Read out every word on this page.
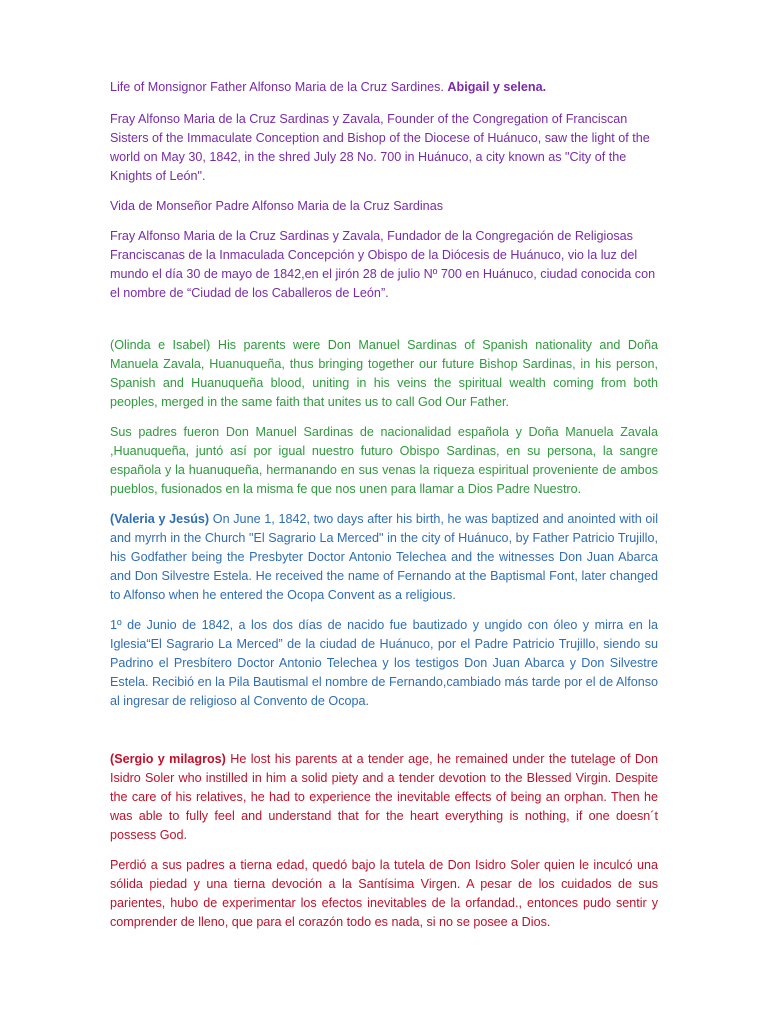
Life of Monsignor Father Alfonso Maria de la Cruz Sardines. Abigail y selena.

Fray Alfonso Maria de la Cruz Sardinas y Zavala, Founder of the Congregation of Franciscan Sisters of the Immaculate Conception and Bishop of the Diocese of Huánuco, saw the light of the world on May 30, 1842, in the shred July 28 No. 700 in Huánuco, a city known as "City of the Knights of León".

Vida de Monseñor Padre Alfonso Maria de la Cruz Sardinas

Fray Alfonso Maria de la Cruz Sardinas y Zavala, Fundador de la Congregación de Religiosas Franciscanas de la Inmaculada Concepción y Obispo de la Diócesis de Huánuco, vio la luz del mundo el día 30 de mayo de 1842,en el jirón 28 de julio Nº 700 en Huánuco, ciudad conocida con el nombre de “Ciudad de los Caballeros de León”.

(Olinda e Isabel) His parents were Don Manuel Sardinas of Spanish nationality and Doña Manuela Zavala, Huanuqueña, thus bringing together our future Bishop Sardinas, in his person, Spanish and Huanuqueña blood, uniting in his veins the spiritual wealth coming from both peoples, merged in the same faith that unites us to call God Our Father.

Sus padres fueron Don Manuel Sardinas de nacionalidad española y Doña Manuela Zavala ,Huanuqueña, juntó así por igual nuestro futuro Obispo Sardinas, en su persona, la sangre española y la huanuqueña, hermanando en sus venas la riqueza espiritual proveniente de ambos pueblos, fusionados en la misma fe que nos unen para llamar a Dios Padre Nuestro.

(Valeria y Jesús) On June 1, 1842, two days after his birth, he was baptized and anointed with oil and myrrh in the Church "El Sagrario La Merced" in the city of Huánuco, by Father Patricio Trujillo, his Godfather being the Presbyter Doctor Antonio Telechea and the witnesses Don Juan Abarca and Don Silvestre Estela. He received the name of Fernando at the Baptismal Font, later changed to Alfonso when he entered the Ocopa Convent as a religious.

1º de Junio de 1842, a los dos días de nacido fue bautizado y ungido con óleo y mirra en la Iglesia“El Sagrario La Merced” de la ciudad de Huánuco, por el Padre Patricio Trujillo, siendo su Padrino el Presbítero Doctor Antonio Telechea y los testigos Don Juan Abarca y Don Silvestre Estela. Recibió en la Pila Bautismal el nombre de Fernando,cambiado más tarde por el de Alfonso al ingresar de religioso al Convento de Ocopa.

(Sergio y milagros) He lost his parents at a tender age, he remained under the tutelage of Don Isidro Soler who instilled in him a solid piety and a tender devotion to the Blessed Virgin. Despite the care of his relatives, he had to experience the inevitable effects of being an orphan. Then he was able to fully feel and understand that for the heart everything is nothing, if one doesn´t possess God.

Perdió a sus padres a tierna edad, quedó bajo la tutela de Don Isidro Soler quien le inculcó una sólida piedad y una tierna devoción a la Santísima Virgen. A pesar de los cuidados de sus parientes, hubo de experimentar los efectos inevitables de la orfandad., entonces pudo sentir y comprender de lleno, que para el corazón todo es nada, si no se posee a Dios.
